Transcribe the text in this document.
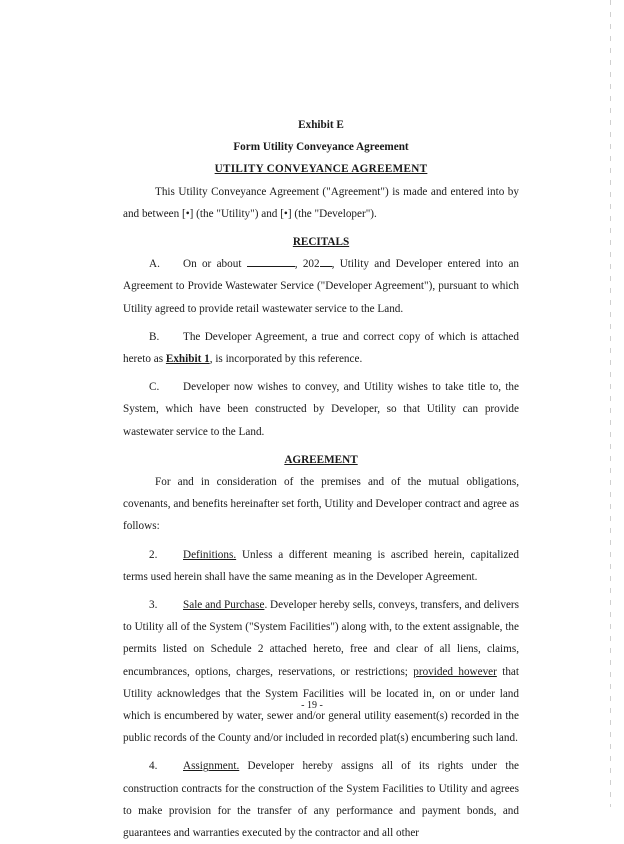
Exhibit E

Form Utility Conveyance Agreement

UTILITY CONVEYANCE AGREEMENT

This Utility Conveyance Agreement ("Agreement") is made and entered into by and between [•] (the "Utility") and [•] (the "Developer").

RECITALS

A. On or about	, 202 , Utility and Developer entered into an Agreement to Provide Wastewater Service ("Developer Agreement"), pursuant to which Utility agreed to provide retail wastewater service to the Land.

B. The Developer Agreement, a true and correct copy of which is attached hereto as Exhibit 1, is incorporated by this reference.

C. Developer now wishes to convey, and Utility wishes to take title to, the System, which have been constructed by Developer, so that Utility can provide wastewater service to the Land.

AGREEMENT

For and in consideration of the premises and of the mutual obligations, covenants, and benefits hereinafter set forth, Utility and Developer contract and agree as follows:

2. Definitions. Unless a different meaning is ascribed herein, capitalized terms used herein shall have the same meaning as in the Developer Agreement.

3. Sale and Purchase. Developer hereby sells, conveys, transfers, and delivers to Utility all of the System ("System Facilities") along with, to the extent assignable, the permits listed on Schedule 2 attached hereto, free and clear of all liens, claims, encumbrances, options, charges, reservations, or restrictions; provided however that Utility acknowledges that the System Facilities will be located in, on or under land which is encumbered by water, sewer and/or general utility easement(s) recorded in the public records of the County and/or included in recorded plat(s) encumbering such land.

4. Assignment. Developer hereby assigns all of its rights under the construction contracts for the construction of the System Facilities to Utility and agrees to make provision for the transfer of any performance and payment bonds, and guarantees and warranties executed by the contractor and all other

- 19 -
